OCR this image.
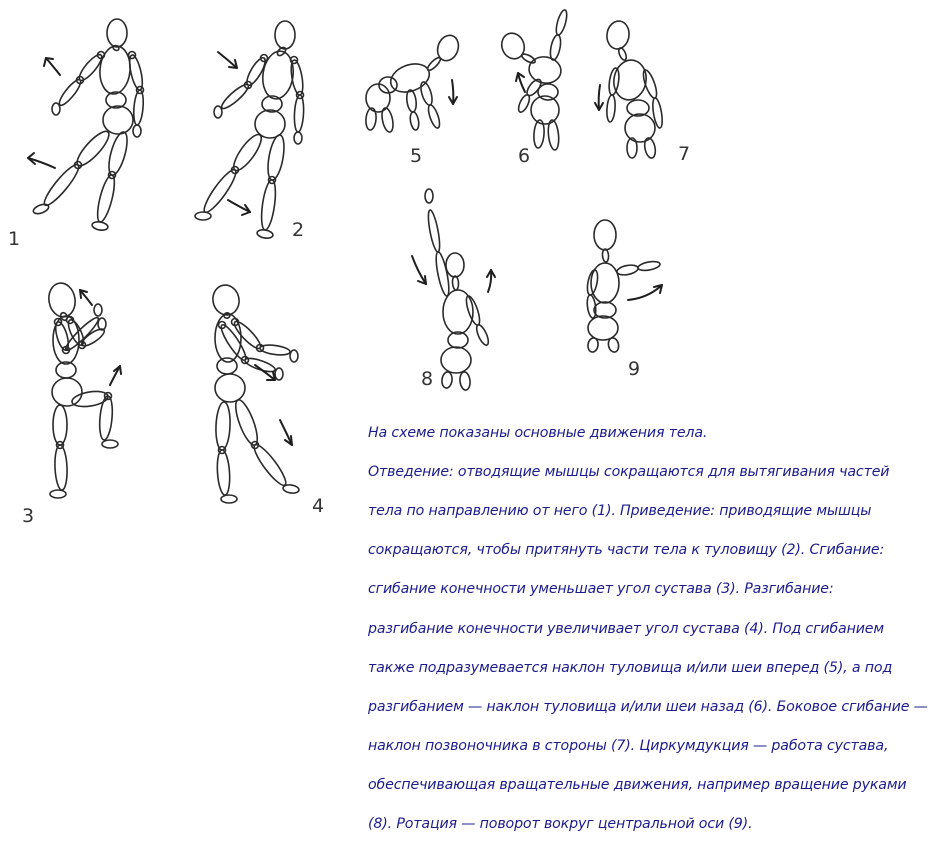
1	2
3	4
5	6	7
8	9

На схеме показаны основные движения тела.

Отведение: отводящие мышцы сокращаются для вытягивания частей

тела по направлению от него (1). Приведение: приводящие мышцы

сокращаются, чтобы притянуть части тела к туловищу (2). Сгибание:

сгибание конечности уменьшает угол сустава (3). Разгибание:

разгибание конечности увеличивает угол сустава (4). Под сгибанием

также подразумевается наклон туловища и/или шеи вперед (5), а под

разгибанием — наклон туловища и/или шеи назад (6). Боковое сгибание —

наклон позвоночника в стороны (7). Циркумдукция — работа сустава,

обеспечивающая вращательные движения, например вращение руками

(8). Ротация — поворот вокруг центральной оси (9).
